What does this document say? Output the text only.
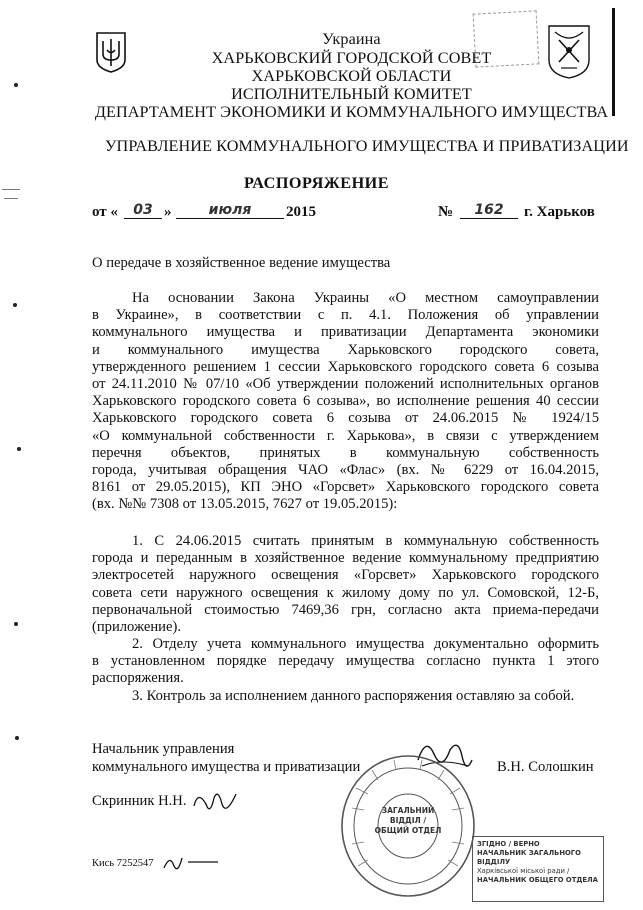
Украина
ХАРЬКОВСКИЙ ГОРОДСКОЙ СОВЕТ
ХАРЬКОВСКОЙ ОБЛАСТИ
ИСПОЛНИТЕЛЬНЫЙ КОМИТЕТ
ДЕПАРТАМЕНТ ЭКОНОМИКИ И КОММУНАЛЬНОГО ИМУЩЕСТВА
УПРАВЛЕНИЕ КОММУНАЛЬНОГО ИМУЩЕСТВА И ПРИВАТИЗАЦИИ
РАСПОРЯЖЕНИЕ
от «	03 »	июля	2015	№	162	г. Харьков
О передаче в хозяйственное ведение имущества
На основании Закона Украины «О местном самоуправлении
в Украине», в соответствии с п. 4.1. Положения об управлении
коммунального имущества и приватизации Департамента экономики
и коммунального имущества Харьковского городского совета,
утвержденного решением 1 сессии Харьковского городского совета 6 созыва
от 24.11.2010 № 07/10 «Об утверждении положений исполнительных органов
Харьковского городского совета 6 созыва», во исполнение решения 40 сессии
Харьковского городского совета 6 созыва от 24.06.2015 № 1924/15
«О коммунальной собственности г. Харькова», в связи с утверждением
перечня объектов, принятых в коммунальную собственность
города, учитывая обращения ЧАО «Флас» (вх. № 6229 от 16.04.2015,
8161 от 29.05.2015), КП ЭНО «Горсвет» Харьковского городского совета
(вх. №№ 7308 от 13.05.2015, 7627 от 19.05.2015):
1. С 24.06.2015 считать принятым в коммунальную собственность
города и переданным в хозяйственное ведение коммунальному предприятию
электросетей наружного освещения «Горсвет» Харьковского городского
совета сети наружного освещения к жилому дому по ул. Сомовской, 12-Б,
первоначальной стоимостью 7469,36 грн, согласно акта приема-передачи
(приложение).
2. Отделу учета коммунального имущества документально оформить
в установленном порядке передачу имущества согласно пункта 1 этого
распоряжения.
3. Контроль за исполнением данного распоряжения оставляю за собой.
Начальник управления
коммунального имущества и приватизации	В.Н. Солошкин
Скринник Н.Н.
Кись 7252547
ЗАГАЛЬНИЙ
ВІДДІЛ /
ОБЩИЙ ОТДЕЛ
ЗГІДНО / ВЕРНО
НАЧАЛЬНИК ЗАГАЛЬНОГО ВІДДІЛУ
Харківської міської ради /
НАЧАЛЬНИК ОБЩЕГО ОТДЕЛА
